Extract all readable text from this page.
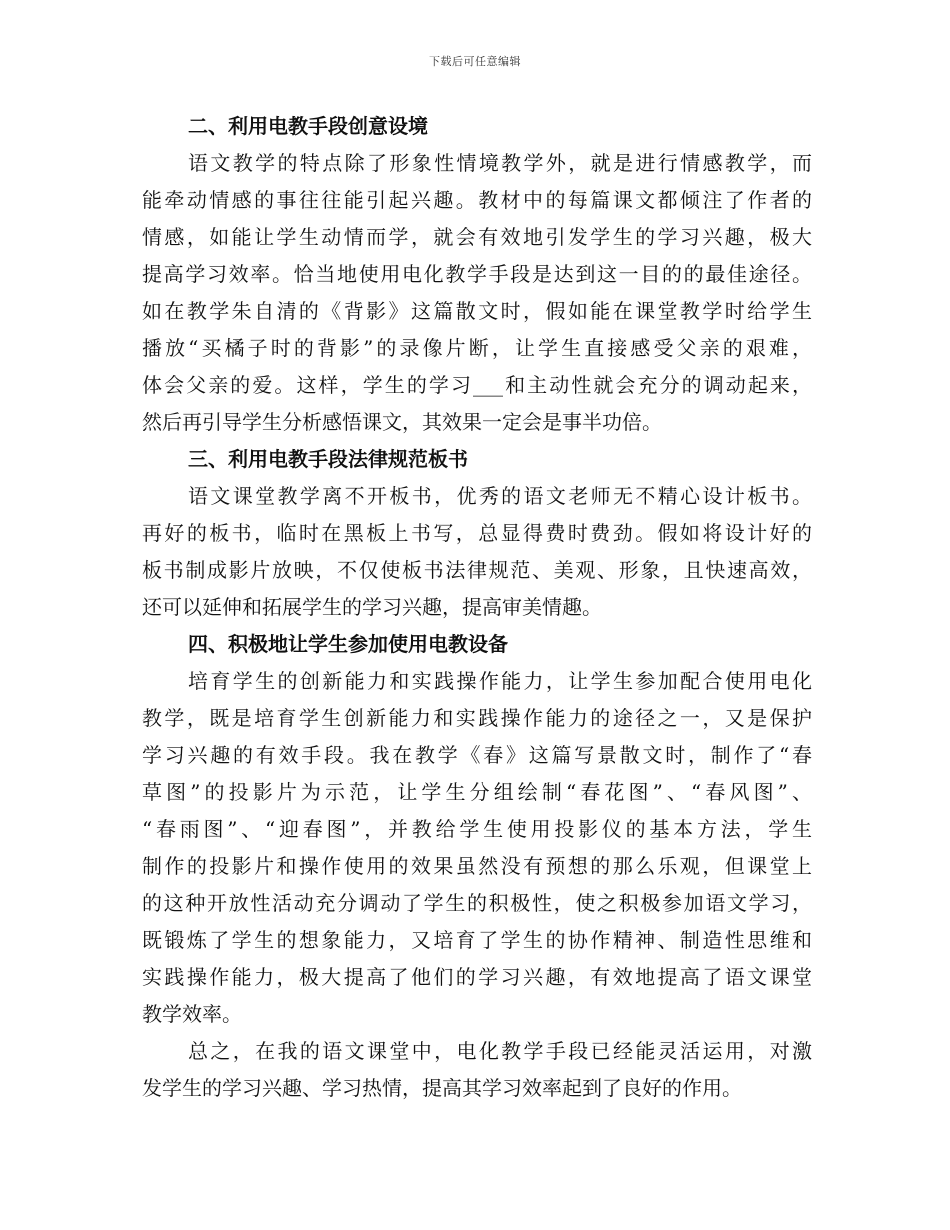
下载后可任意编辑
二、利用电教手段创意设境
语文教学的特点除了形象性情境教学外，就是进行情感教学，而
能牵动情感的事往往能引起兴趣。教材中的每篇课文都倾注了作者的
情感，如能让学生动情而学，就会有效地引发学生的学习兴趣，极大
提高学习效率。恰当地使用电化教学手段是达到这一目的的最佳途径。
如在教学朱自清的《背影》这篇散文时，假如能在课堂教学时给学生
播放“买橘子时的背影”的录像片断，让学生直接感受父亲的艰难，
体会父亲的爱。这样，学生的学习___和主动性就会充分的调动起来，
然后再引导学生分析感悟课文，其效果一定会是事半功倍。
三、利用电教手段法律规范板书
语文课堂教学离不开板书，优秀的语文老师无不精心设计板书。
再好的板书，临时在黑板上书写，总显得费时费劲。假如将设计好的
板书制成影片放映，不仅使板书法律规范、美观、形象，且快速高效，
还可以延伸和拓展学生的学习兴趣，提高审美情趣。
四、积极地让学生参加使用电教设备
培育学生的创新能力和实践操作能力，让学生参加配合使用电化
教学，既是培育学生创新能力和实践操作能力的途径之一，又是保护
学习兴趣的有效手段。我在教学《春》这篇写景散文时，制作了“春
草图”的投影片为示范，让学生分组绘制“春花图”、“春风图”、
“春雨图”、“迎春图”，并教给学生使用投影仪的基本方法，学生
制作的投影片和操作使用的效果虽然没有预想的那么乐观，但课堂上
的这种开放性活动充分调动了学生的积极性，使之积极参加语文学习，
既锻炼了学生的想象能力，又培育了学生的协作精神、制造性思维和
实践操作能力，极大提高了他们的学习兴趣，有效地提高了语文课堂
教学效率。
总之，在我的语文课堂中，电化教学手段已经能灵活运用，对激
发学生的学习兴趣、学习热情，提高其学习效率起到了良好的作用。
